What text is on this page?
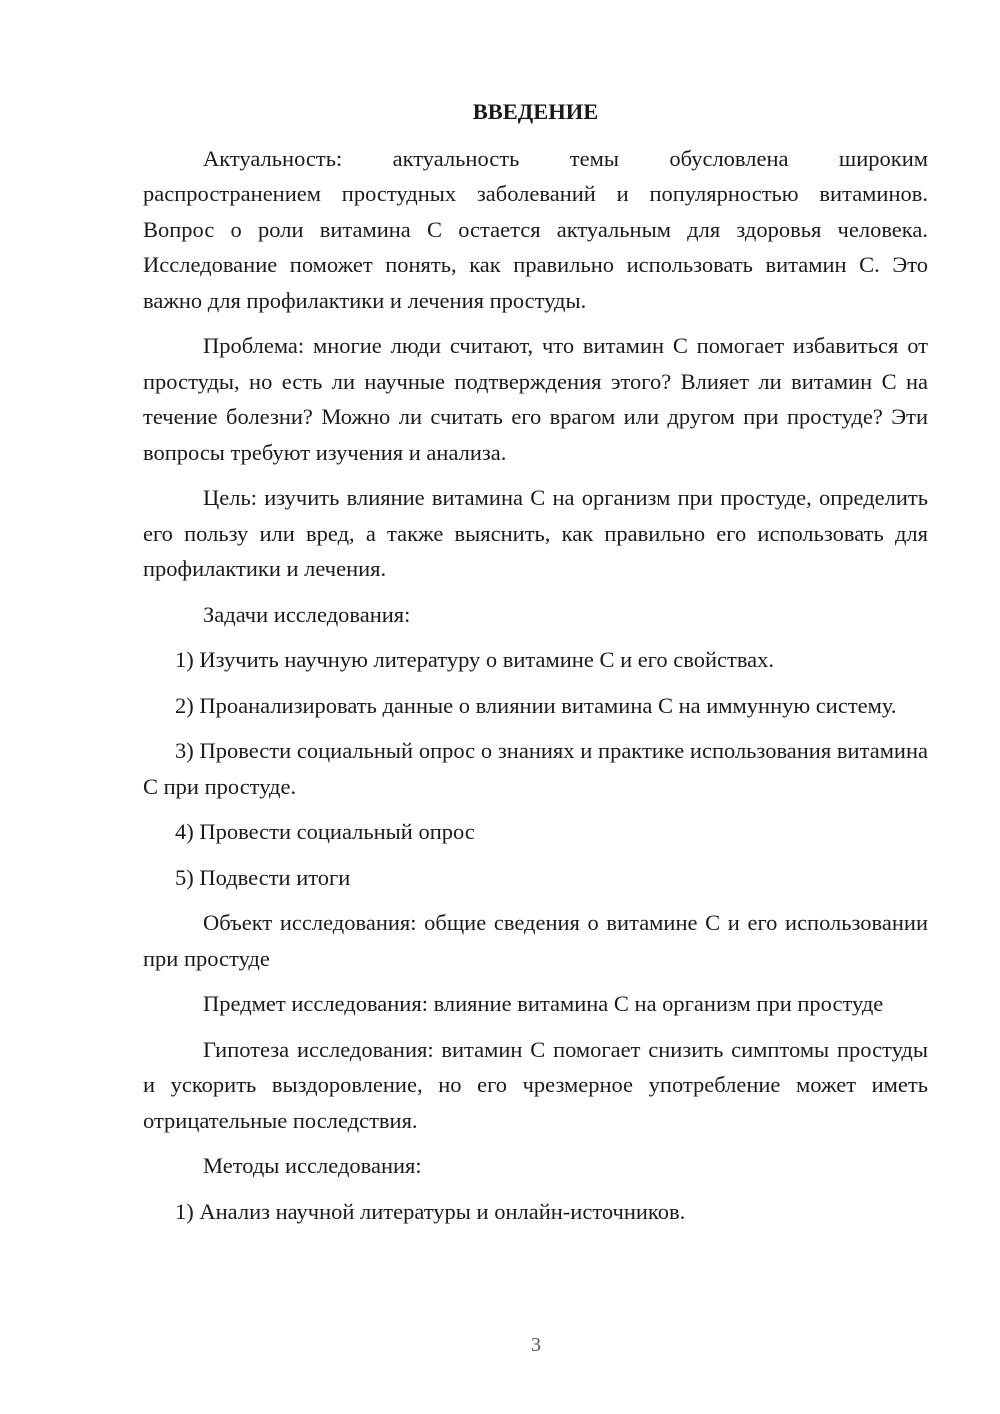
ВВЕДЕНИЕ

Актуальность: актуальность темы обусловлена широким распространением простудных заболеваний и популярностью витаминов. Вопрос о роли витамина С остается актуальным для здоровья человека. Исследование поможет понять, как правильно использовать витамин С. Это важно для профилактики и лечения простуды.

Проблема: многие люди считают, что витамин С помогает избавиться от простуды, но есть ли научные подтверждения этого? Влияет ли витамин С на течение болезни? Можно ли считать его врагом или другом при простуде? Эти вопросы требуют изучения и анализа.

Цель: изучить влияние витамина С на организм при простуде, определить его пользу или вред, а также выяснить, как правильно его использовать для профилактики и лечения.

Задачи исследования:

1) Изучить научную литературу о витамине С и его свойствах.

2) Проанализировать данные о влиянии витамина С на иммунную систему.

3) Провести социальный опрос о знаниях и практике использования витамина С при простуде.

4) Провести социальный опрос

5) Подвести итоги

Объект исследования: общие сведения о витамине С и его использовании при простуде

Предмет исследования: влияние витамина С на организм при простуде

Гипотеза исследования: витамин С помогает снизить симптомы простуды и ускорить выздоровление, но его чрезмерное употребление может иметь отрицательные последствия.

Методы исследования:

1) Анализ научной литературы и онлайн-источников.

3
